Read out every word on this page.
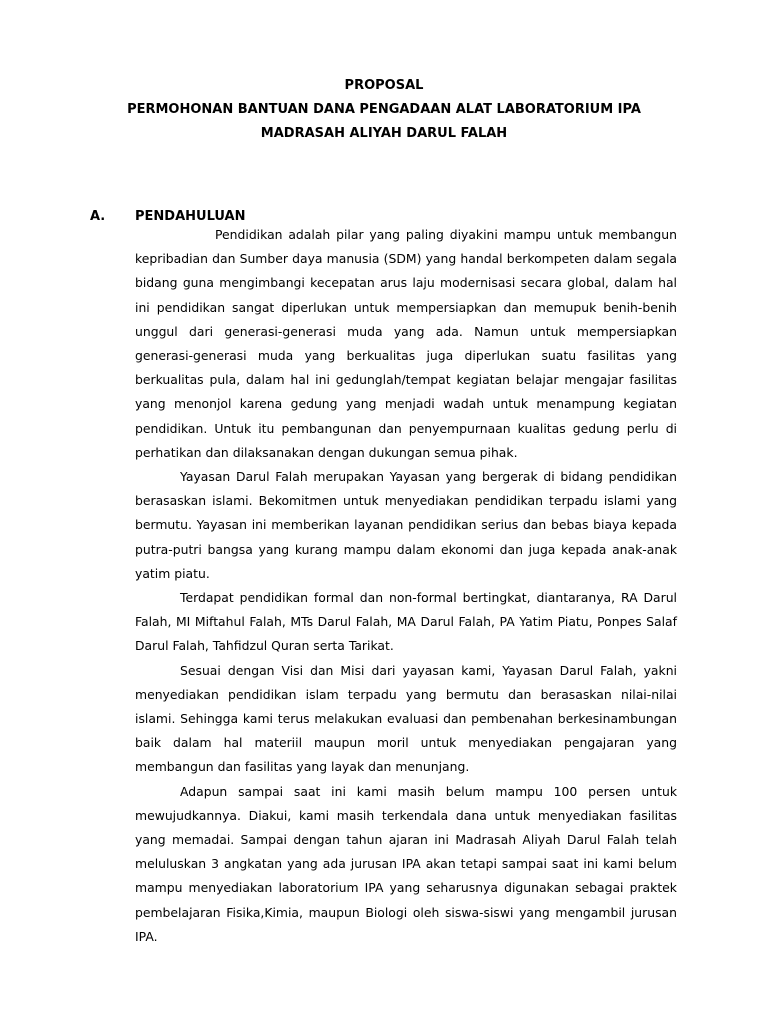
PROPOSAL
PERMOHONAN BANTUAN DANA PENGADAAN ALAT LABORATORIUM IPA
MADRASAH ALIYAH DARUL FALAH
A. PENDAHULUAN

Pendidikan adalah pilar yang paling diyakini mampu untuk membangun kepribadian dan Sumber daya manusia (SDM) yang handal berkompeten dalam segala bidang guna mengimbangi kecepatan arus laju modernisasi secara global, dalam hal ini pendidikan sangat diperlukan untuk mempersiapkan dan memupuk benih-benih unggul dari generasi-generasi muda yang ada. Namun untuk mempersiapkan generasi-generasi muda yang berkualitas juga diperlukan suatu fasilitas yang berkualitas pula, dalam hal ini gedunglah/tempat kegiatan belajar mengajar fasilitas yang menonjol karena gedung yang menjadi wadah untuk menampung kegiatan pendidikan. Untuk itu pembangunan dan penyempurnaan kualitas gedung perlu di perhatikan dan dilaksanakan dengan dukungan semua pihak.

Yayasan Darul Falah merupakan Yayasan yang bergerak di bidang pendidikan berasaskan islami. Bekomitmen untuk menyediakan pendidikan terpadu islami yang bermutu. Yayasan ini memberikan layanan pendidikan serius dan bebas biaya kepada putra-putri bangsa yang kurang mampu dalam ekonomi dan juga kepada anak-anak yatim piatu.

Terdapat pendidikan formal dan non-formal bertingkat, diantaranya, RA Darul Falah, MI Miftahul Falah, MTs Darul Falah, MA Darul Falah, PA Yatim Piatu, Ponpes Salaf Darul Falah, Tahfidzul Quran serta Tarikat.

Sesuai dengan Visi dan Misi dari yayasan kami, Yayasan Darul Falah, yakni menyediakan pendidikan islam terpadu yang bermutu dan berasaskan nilai-nilai islami. Sehingga kami terus melakukan evaluasi dan pembenahan berkesinambungan baik dalam hal materiil maupun moril untuk menyediakan pengajaran yang membangun dan fasilitas yang layak dan menunjang.

Adapun sampai saat ini kami masih belum mampu 100 persen untuk mewujudkannya. Diakui, kami masih terkendala dana untuk menyediakan fasilitas yang memadai. Sampai dengan tahun ajaran ini Madrasah Aliyah Darul Falah telah meluluskan 3 angkatan yang ada jurusan IPA akan tetapi sampai saat ini kami belum mampu menyediakan laboratorium IPA yang seharusnya digunakan sebagai praktek pembelajaran Fisika,Kimia, maupun Biologi oleh siswa-siswi yang mengambil jurusan IPA.
